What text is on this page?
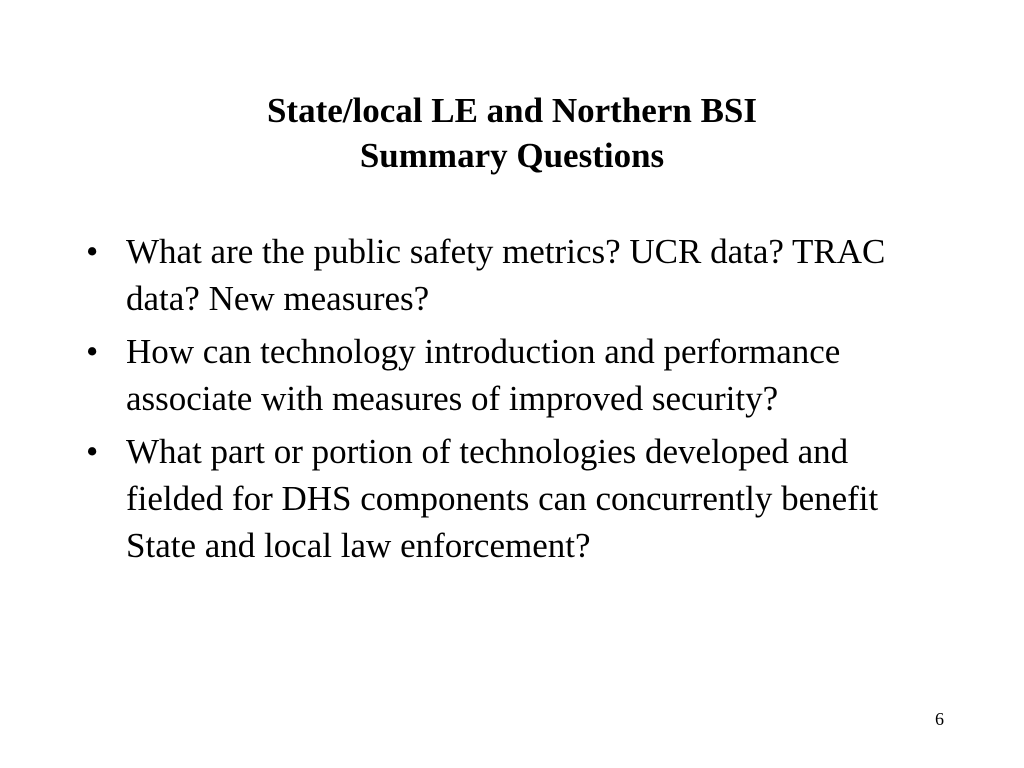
State/local LE and Northern BSI
Summary Questions
• What are the public safety metrics? UCR data? TRAC data? New measures?
• How can technology introduction and performance associate with measures of improved security?
• What part or portion of technologies developed and fielded for DHS components can concurrently benefit State and local law enforcement?
6
